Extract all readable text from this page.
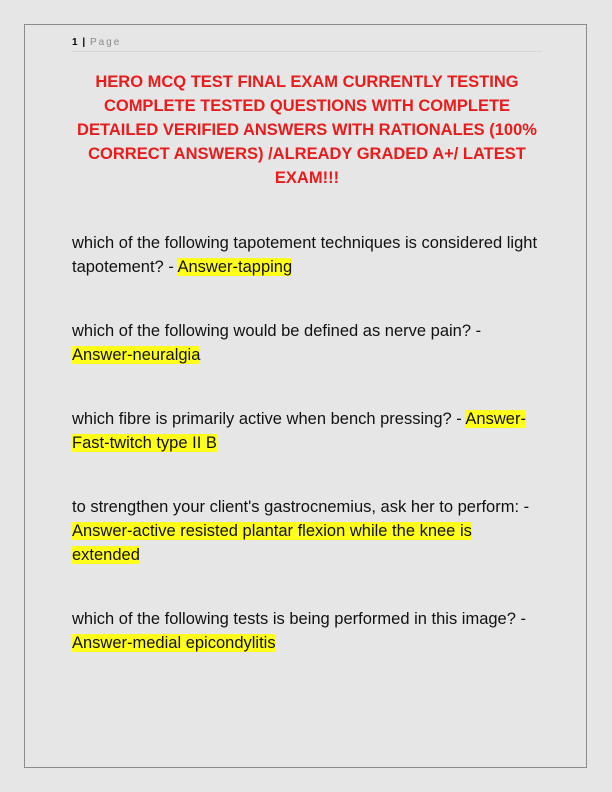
1 | Page
HERO MCQ TEST FINAL EXAM CURRENTLY TESTING COMPLETE TESTED QUESTIONS WITH COMPLETE DETAILED VERIFIED ANSWERS WITH RATIONALES (100% CORRECT ANSWERS) /ALREADY GRADED A+/ LATEST EXAM!!!

which of the following tapotement techniques is considered light tapotement? - Answer-tapping

which of the following would be defined as nerve pain? - Answer-neuralgia

which fibre is primarily active when bench pressing? - Answer-Fast-twitch type II B

to strengthen your client's gastrocnemius, ask her to perform: - Answer-active resisted plantar flexion while the knee is extended

which of the following tests is being performed in this image? - Answer-medial epicondylitis
